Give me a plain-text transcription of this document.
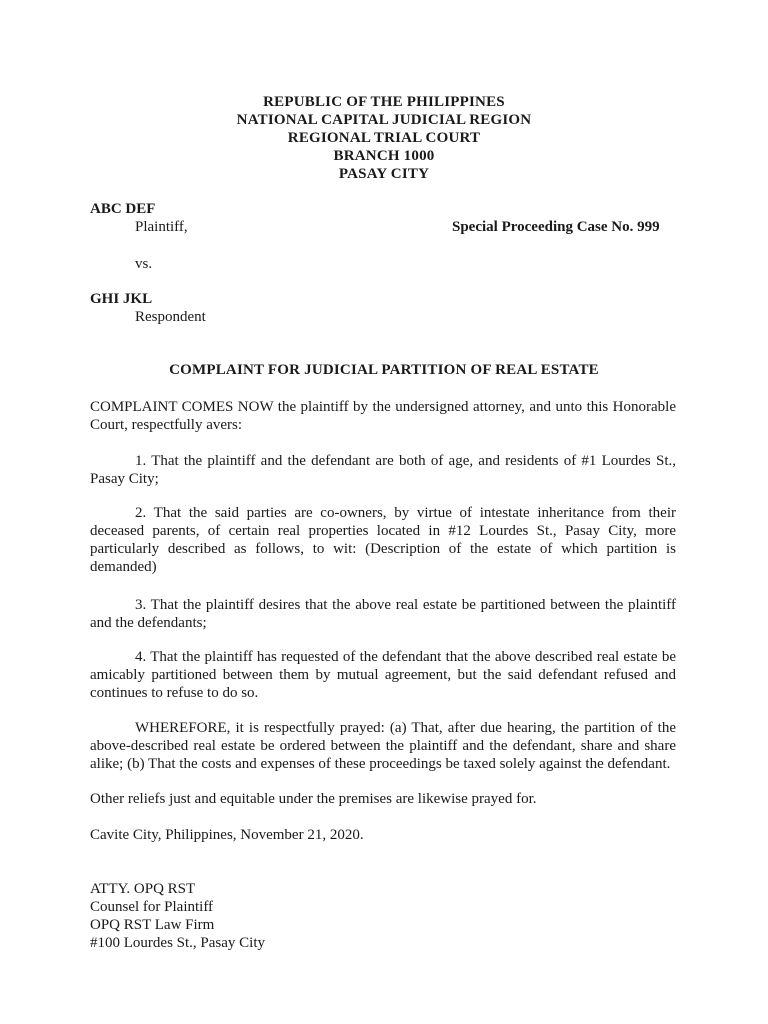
REPUBLIC OF THE PHILIPPINES
NATIONAL CAPITAL JUDICIAL REGION
REGIONAL TRIAL COURT
BRANCH 1000
PASAY CITY
ABC DEF
Plaintiff,	Special Proceeding Case No. 999
vs.
GHI JKL
Respondent
COMPLAINT FOR JUDICIAL PARTITION OF REAL ESTATE

COMPLAINT COMES NOW the plaintiff by the undersigned attorney, and unto this Honorable Court, respectfully avers:

1. That the plaintiff and the defendant are both of age, and residents of #1 Lourdes St., Pasay City;

2. That the said parties are co-owners, by virtue of intestate inheritance from their deceased parents, of certain real properties located in #12 Lourdes St., Pasay City, more particularly described as follows, to wit: (Description of the estate of which partition is demanded)

3. That the plaintiff desires that the above real estate be partitioned between the plaintiff and the defendants;

4. That the plaintiff has requested of the defendant that the above described real estate be amicably partitioned between them by mutual agreement, but the said defendant refused and continues to refuse to do so.

WHEREFORE, it is respectfully prayed: (a) That, after due hearing, the partition of the above-described real estate be ordered between the plaintiff and the defendant, share and share alike; (b) That the costs and expenses of these proceedings be taxed solely against the defendant.

Other reliefs just and equitable under the premises are likewise prayed for.

Cavite City, Philippines, November 21, 2020.

ATTY. OPQ RST
Counsel for Plaintiff
OPQ RST Law Firm
#100 Lourdes St., Pasay City
